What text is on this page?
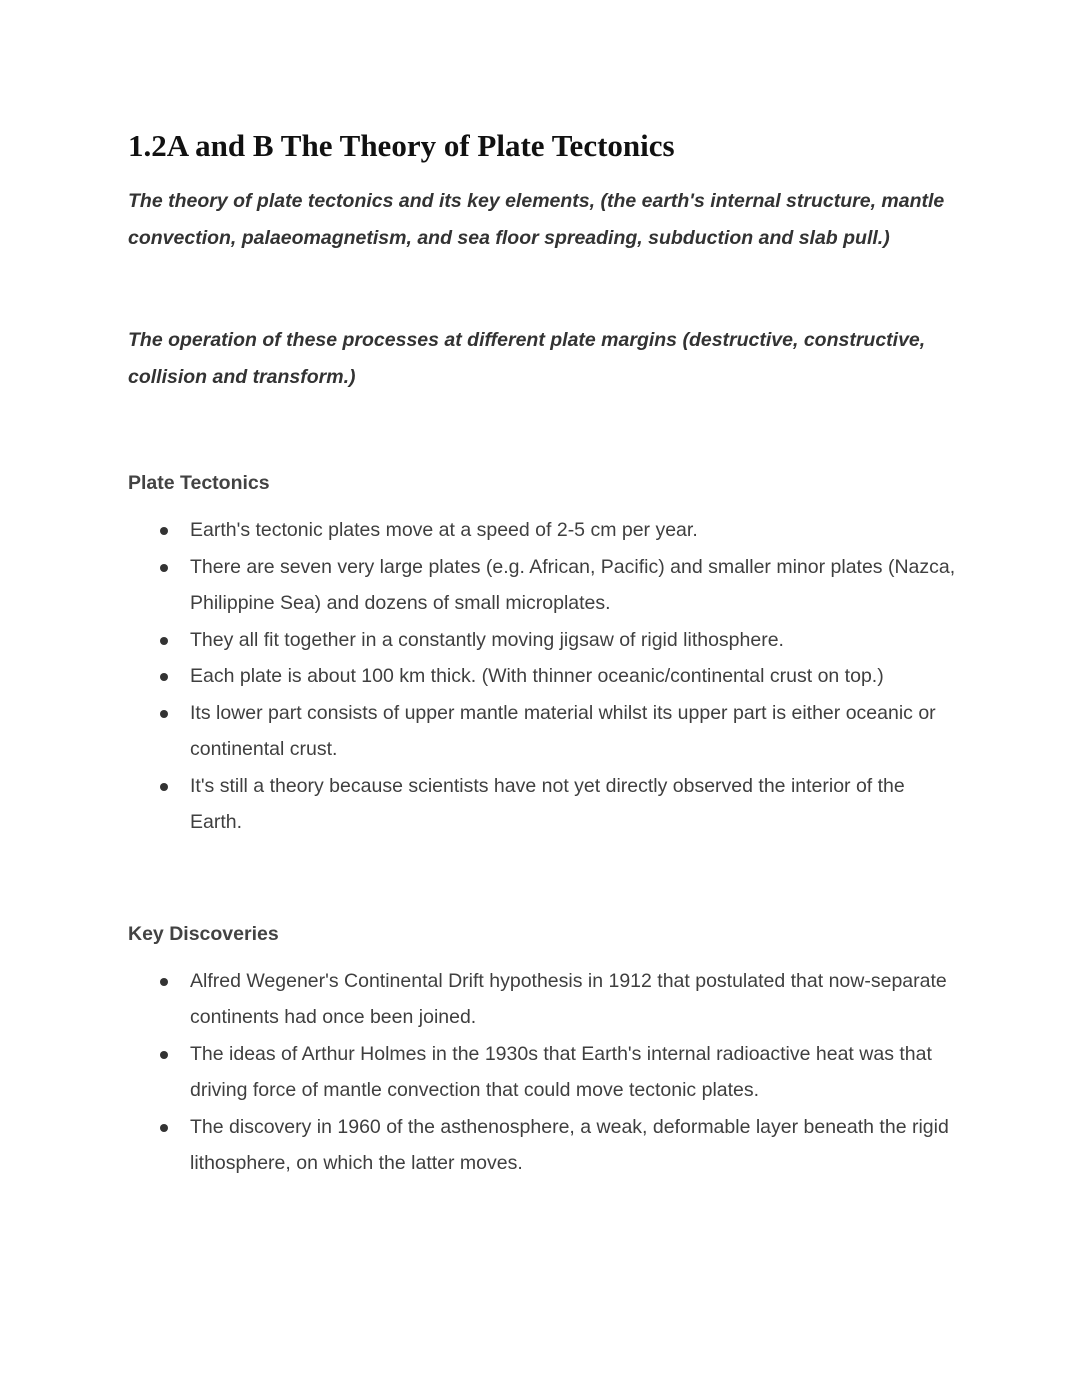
1.2A and B The Theory of Plate Tectonics

The theory of plate tectonics and its key elements, (the earth's internal structure, mantle convection, palaeomagnetism, and sea floor spreading, subduction and slab pull.)

The operation of these processes at different plate margins (destructive, constructive, collision and transform.)

Plate Tectonics
Earth's tectonic plates move at a speed of 2-5 cm per year.
There are seven very large plates (e.g. African, Pacific) and smaller minor plates (Nazca, Philippine Sea) and dozens of small microplates.
They all fit together in a constantly moving jigsaw of rigid lithosphere.
Each plate is about 100 km thick. (With thinner oceanic/continental crust on top.)
Its lower part consists of upper mantle material whilst its upper part is either oceanic or continental crust.
It's still a theory because scientists have not yet directly observed the interior of the Earth.
Key Discoveries
Alfred Wegener's Continental Drift hypothesis in 1912 that postulated that now-separate continents had once been joined.
The ideas of Arthur Holmes in the 1930s that Earth's internal radioactive heat was that driving force of mantle convection that could move tectonic plates.
The discovery in 1960 of the asthenosphere, a weak, deformable layer beneath the rigid lithosphere, on which the latter moves.
